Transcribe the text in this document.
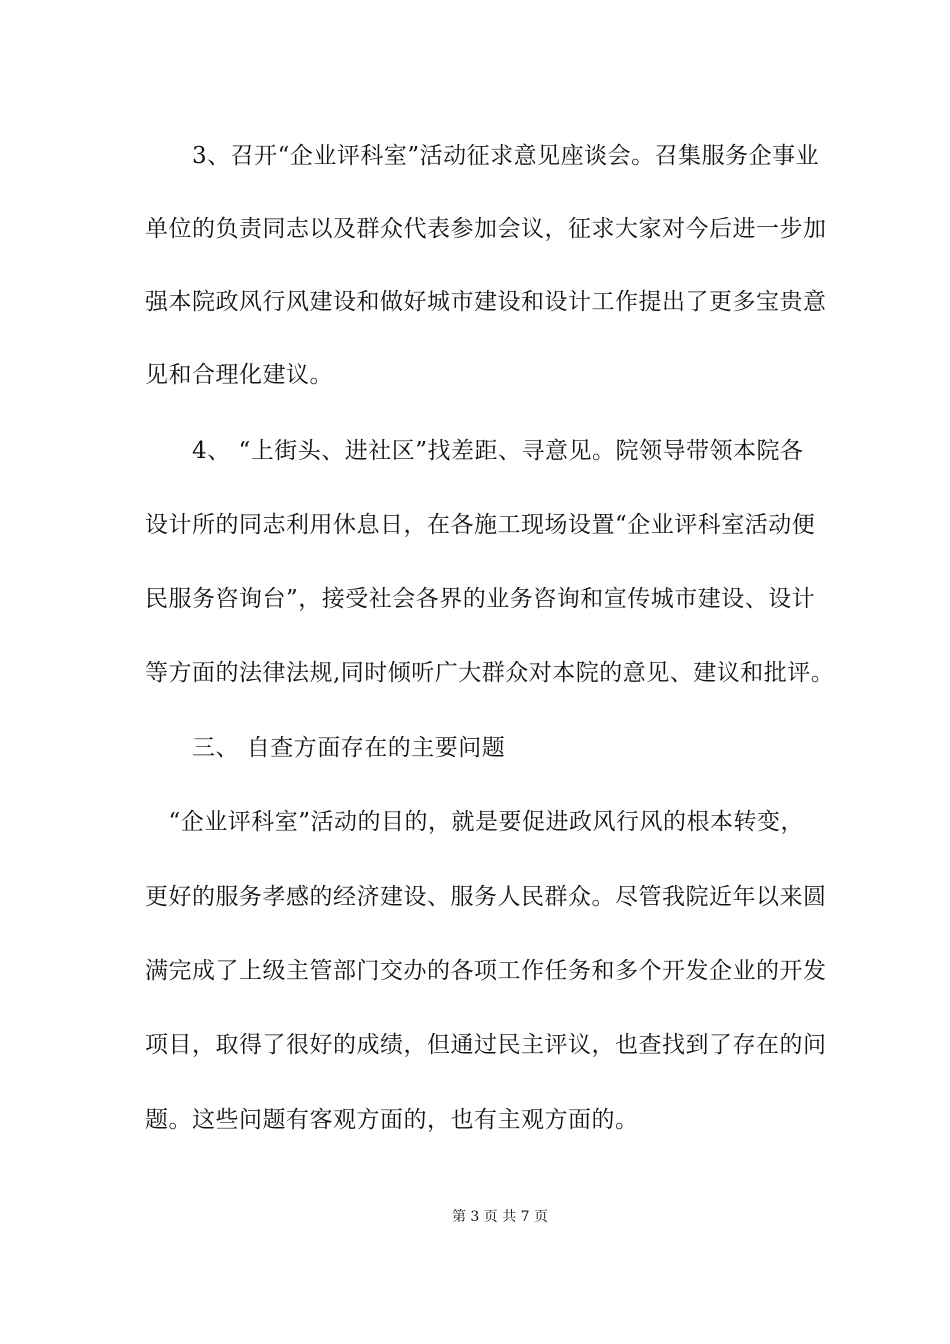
　　3、召开“企业评科室”活动征求意见座谈会。召集服务企事业
单位的负责同志以及群众代表参加会议，征求大家对今后进一步加
强本院政风行风建设和做好城市建设和设计工作提出了更多宝贵意
见和合理化建议。
　　4、 “上街头、进社区”找差距、寻意见。院领导带领本院各
设计所的同志利用休息日，在各施工现场设置“企业评科室活动便
民服务咨询台”，接受社会各界的业务咨询和宣传城市建设、设计
等方面的法律法规,同时倾听广大群众对本院的意见、建议和批评。
　　三、 自查方面存在的主要问题
　“企业评科室”活动的目的，就是要促进政风行风的根本转变，
更好的服务孝感的经济建设、服务人民群众。尽管我院近年以来圆
满完成了上级主管部门交办的各项工作任务和多个开发企业的开发
项目，取得了很好的成绩，但通过民主评议，也查找到了存在的问
题。这些问题有客观方面的，也有主观方面的。
第 3 页 共 7 页
